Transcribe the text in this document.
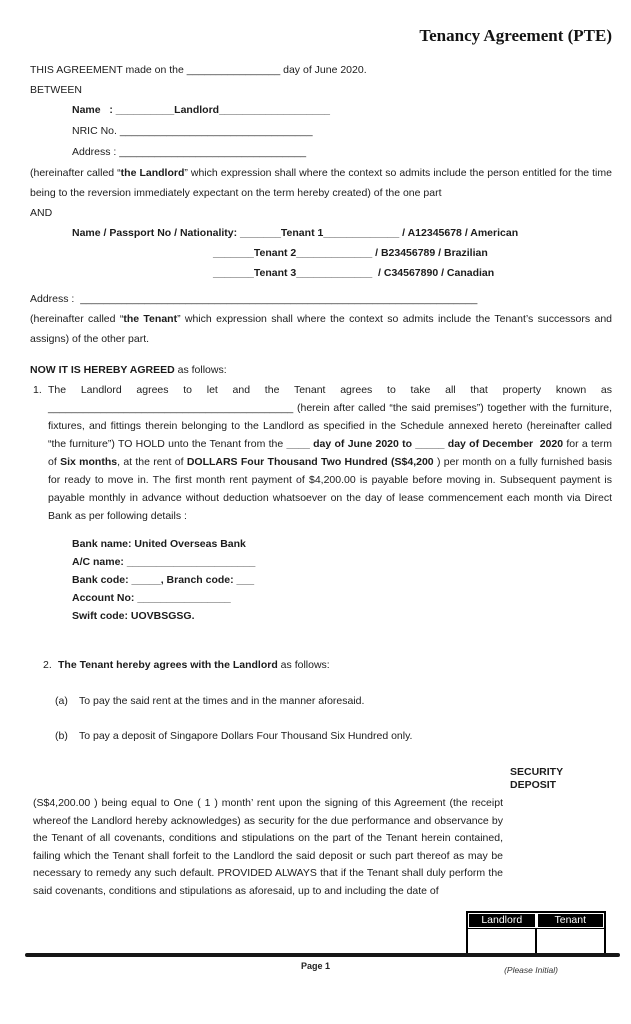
Tenancy Agreement (PTE)
THIS AGREEMENT made on the ________________ day of June 2020.
BETWEEN
Name   : __________Landlord___________________
NRIC No. _________________________________
Address : ________________________________

(hereinafter called “the Landlord” which expression shall where the context so admits include the person entitled for the time being to the reversion immediately expectant on the term hereby created) of the one part

AND
Name / Passport No / Nationality: _______Tenant 1_____________ / A12345678 / American
_______Tenant 2_____________ / B23456789 / Brazilian
_______Tenant 3_____________  / C34567890 / Canadian
Address :  ____________________________________________________________________

(hereinafter called “the Tenant” which expression shall where the context so admits include the Tenant’s successors and assigns) of the other part.

NOW IT IS HEREBY AGREED as follows:
1. The Landlord agrees to let and the Tenant agrees to take all that property known as __________________________________________ (herein after called “the said premises”) together with the furniture, fixtures, and fittings therein belonging to the Landlord as specified in the Schedule annexed hereto (hereinafter called “the furniture”) TO HOLD unto the Tenant from the ____ day of June 2020 to _____ day of December  2020 for a term of Six months, at the rent of DOLLARS Four Thousand Two Hundred (S$4,200 ) per month on a fully furnished basis for ready to move in. The first month rent payment of $4,200.00 is payable before moving in. Subsequent payment is payable monthly in advance without deduction whatsoever on the day of lease commencement each month via Direct Bank as per following details :

Bank name: United Overseas Bank
A/C name: ______________________
Bank code: _____, Branch code: ___
Account No: ________________
Swift code: UOVBSGSG.
2. The Tenant hereby agrees with the Landlord as follows:
(a)	To pay the said rent at the times and in the manner aforesaid.
(b)	To pay a deposit of Singapore Dollars Four Thousand Six Hundred only.
SECURITY
DEPOSIT

(S$4,200.00 ) being equal to One ( 1 ) month’ rent upon the signing of this Agreement (the receipt whereof the Landlord hereby acknowledges) as security for the due performance and observance by the Tenant of all covenants, conditions and stipulations on the part of the Tenant herein contained, failing which the Tenant shall forfeit to the Landlord the said deposit or such part thereof as may be necessary to remedy any such default. PROVIDED ALWAYS that if the Tenant shall duly perform the said covenants, conditions and stipulations as aforesaid, up to and including the date of

Landlord	Tenant
(Please Initial)
Page 1
